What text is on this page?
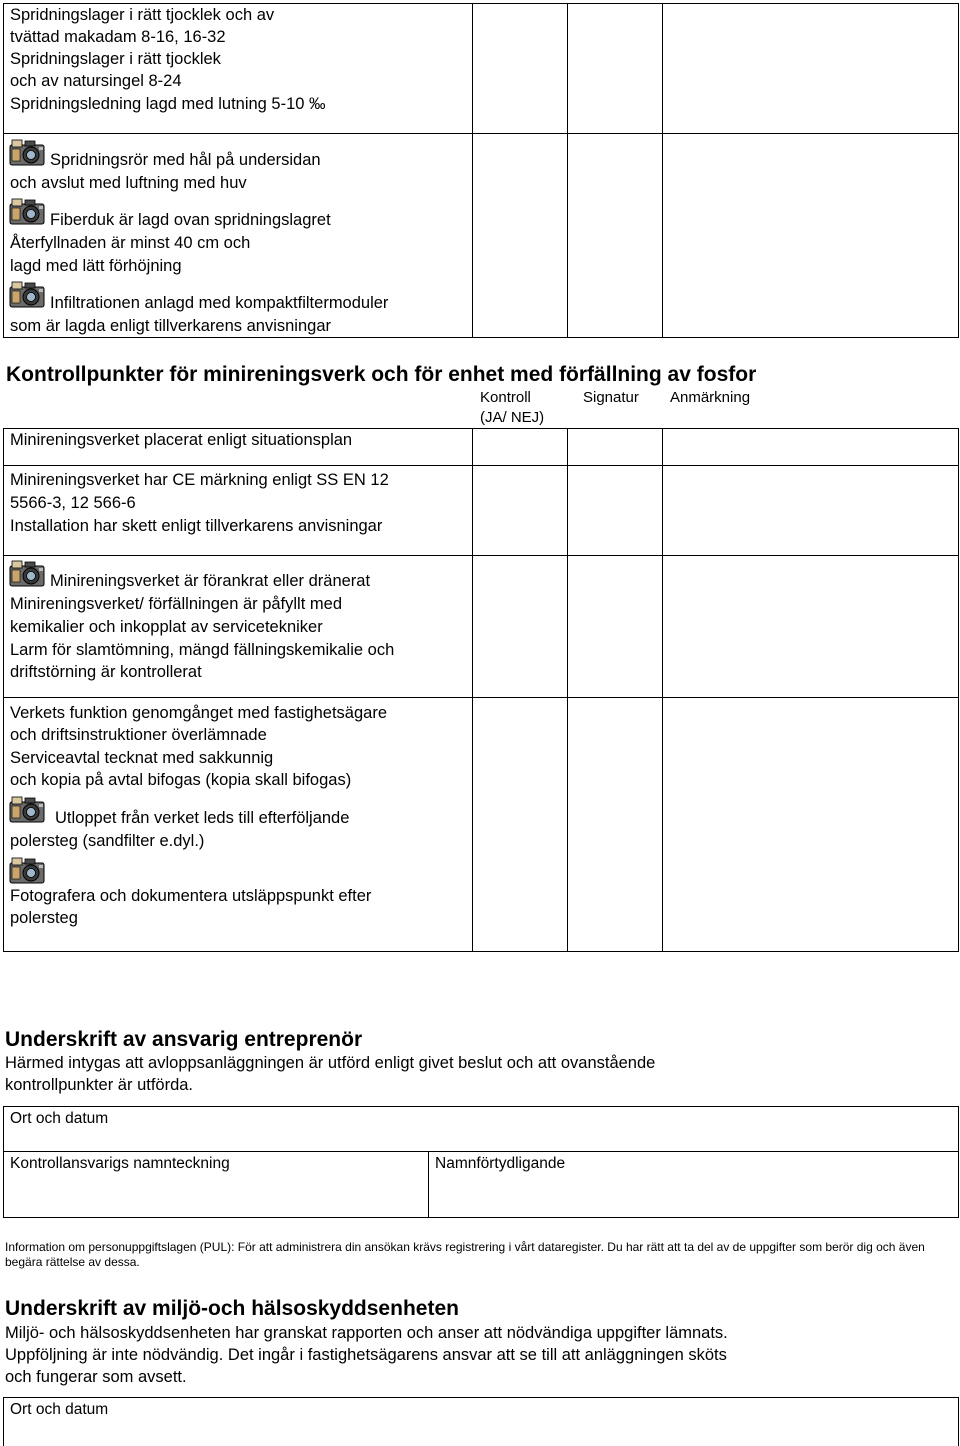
Spridningslager i rätt tjocklek och av
tvättad makadam 8-16, 16-32
Spridningslager i rätt tjocklek
och av natursingel 8-24
Spridningsledning lagd med lutning 5-10 ‰
Spridningsrör med hål på undersidan
och avslut med luftning med huv
Fiberduk är lagd ovan spridningslagret
Återfyllnaden är minst 40 cm och
lagd med lätt förhöjning
Infiltrationen anlagd med kompaktfiltermoduler
som är lagda enligt tillverkarens anvisningar
Kontrollpunkter för minireningsverk och för enhet med förfällning av fosfor
Kontroll
(JA/ NEJ)
Signatur Anmärkning
Minireningsverket placerat enligt situationsplan
Minireningsverket har CE märkning enligt SS EN 12
5566-3, 12 566-6
Installation har skett enligt tillverkarens anvisningar
Minireningsverket är förankrat eller dränerat
Minireningsverket/ förfällningen är påfyllt med
kemikalier och inkopplat av servicetekniker
Larm för slamtömning, mängd fällningskemikalie och
driftstörning är kontrollerat
Verkets funktion genomgånget med fastighetsägare
och driftsinstruktioner överlämnade
Serviceavtal tecknat med sakkunnig
och kopia på avtal bifogas (kopia skall bifogas)
Utloppet från verket leds till efterföljande
polersteg (sandfilter e.dyl.)
Fotografera och dokumentera utsläppspunkt efter
polersteg
Underskrift av ansvarig entreprenör
Härmed intygas att avloppsanläggningen är utförd enligt givet beslut och att ovanstående
kontrollpunkter är utförda.
Ort och datum
Kontrollansvarigs namnteckning	Namnförtydligande
Information om personuppgiftslagen (PUL): För att administrera din ansökan krävs registrering i vårt dataregister. Du har rätt att ta del av de uppgifter som berör dig och även begära rättelse av dessa.
Underskrift av miljö-och hälsoskyddsenheten
Miljö- och hälsoskyddsenheten har granskat rapporten och anser att nödvändiga uppgifter lämnats.
Uppföljning är inte nödvändig. Det ingår i fastighetsägarens ansvar att se till att anläggningen sköts
och fungerar som avsett.
Ort och datum
